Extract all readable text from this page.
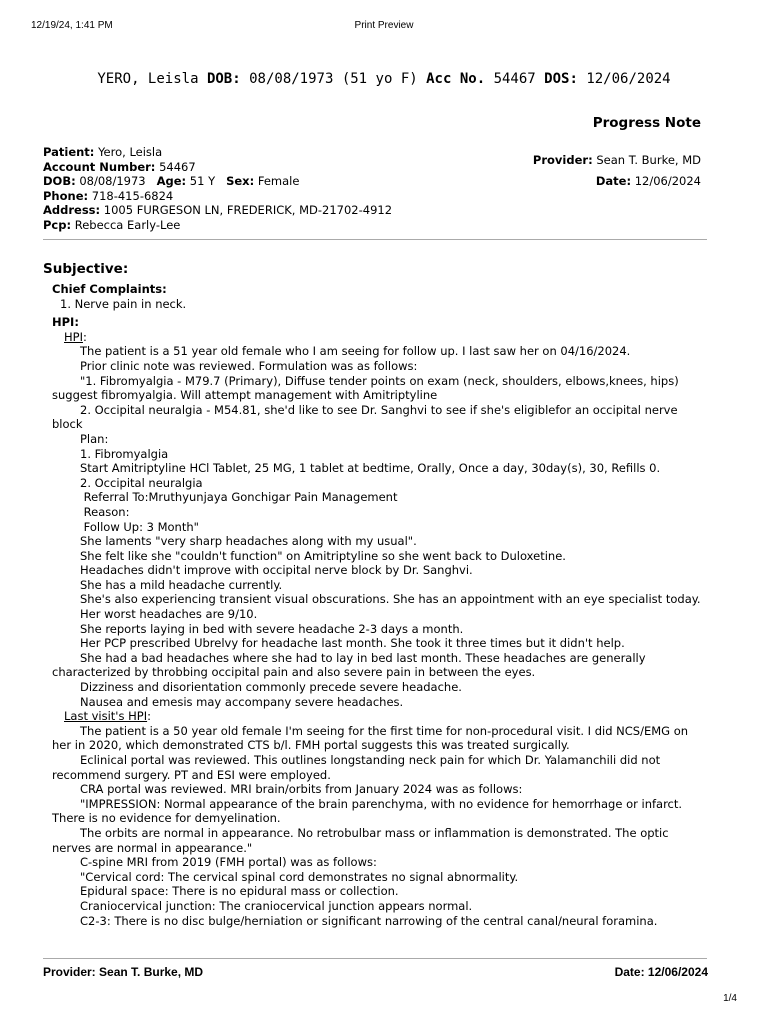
12/19/24, 1:41 PM	Print Preview
YERO, Leisla DOB: 08/08/1973 (51 yo F) Acc No. 54467 DOS: 12/06/2024
Progress Note
Patient: Yero, Leisla
Account Number: 54467
DOB: 08/08/1973 Age: 51 Y Sex: Female
Phone: 718-415-6824
Address: 1005 FURGESON LN, FREDERICK, MD-21702-4912
Pcp: Rebecca Early-Lee
Provider: Sean T. Burke, MD
Date: 12/06/2024
Subjective:
Chief Complaints:
1. Nerve pain in neck.
HPI:
HPI:
The patient is a 51 year old female who I am seeing for follow up. I last saw her on 04/16/2024.
Prior clinic note was reviewed. Formulation was as follows:
"1. Fibromyalgia - M79.7 (Primary), Diffuse tender points on exam (neck, shoulders, elbows,knees, hips)
suggest fibromyalgia. Will attempt management with Amitriptyline
2. Occipital neuralgia - M54.81, she'd like to see Dr. Sanghvi to see if she's eligiblefor an occipital nerve
block
Plan:
1. Fibromyalgia
Start Amitriptyline HCl Tablet, 25 MG, 1 tablet at bedtime, Orally, Once a day, 30day(s), 30, Refills 0.
2. Occipital neuralgia
Referral To:Mruthyunjaya Gonchigar Pain Management
Reason:
Follow Up: 3 Month"
She laments "very sharp headaches along with my usual".
She felt like she "couldn't function" on Amitriptyline so she went back to Duloxetine.
Headaches didn't improve with occipital nerve block by Dr. Sanghvi.
She has a mild headache currently.
She's also experiencing transient visual obscurations. She has an appointment with an eye specialist today.
Her worst headaches are 9/10.
She reports laying in bed with severe headache 2-3 days a month.
Her PCP prescribed Ubrelvy for headache last month. She took it three times but it didn't help.
She had a bad headaches where she had to lay in bed last month. These headaches are generally
characterized by throbbing occipital pain and also severe pain in between the eyes.
Dizziness and disorientation commonly precede severe headache.
Nausea and emesis may accompany severe headaches.
Last visit's HPI:
The patient is a 50 year old female I'm seeing for the first time for non-procedural visit. I did NCS/EMG on
her in 2020, which demonstrated CTS b/l. FMH portal suggests this was treated surgically.
Eclinical portal was reviewed. This outlines longstanding neck pain for which Dr. Yalamanchili did not
recommend surgery. PT and ESI were employed.
CRA portal was reviewed. MRI brain/orbits from January 2024 was as follows:
"IMPRESSION: Normal appearance of the brain parenchyma, with no evidence for hemorrhage or infarct.
There is no evidence for demyelination.
The orbits are normal in appearance. No retrobulbar mass or inflammation is demonstrated. The optic
nerves are normal in appearance."
C-spine MRI from 2019 (FMH portal) was as follows:
"Cervical cord: The cervical spinal cord demonstrates no signal abnormality.
Epidural space: There is no epidural mass or collection.
Craniocervical junction: The craniocervical junction appears normal.
C2-3: There is no disc bulge/herniation or significant narrowing of the central canal/neural foramina.
Provider: Sean T. Burke, MD	Date: 12/06/2024
1/4
